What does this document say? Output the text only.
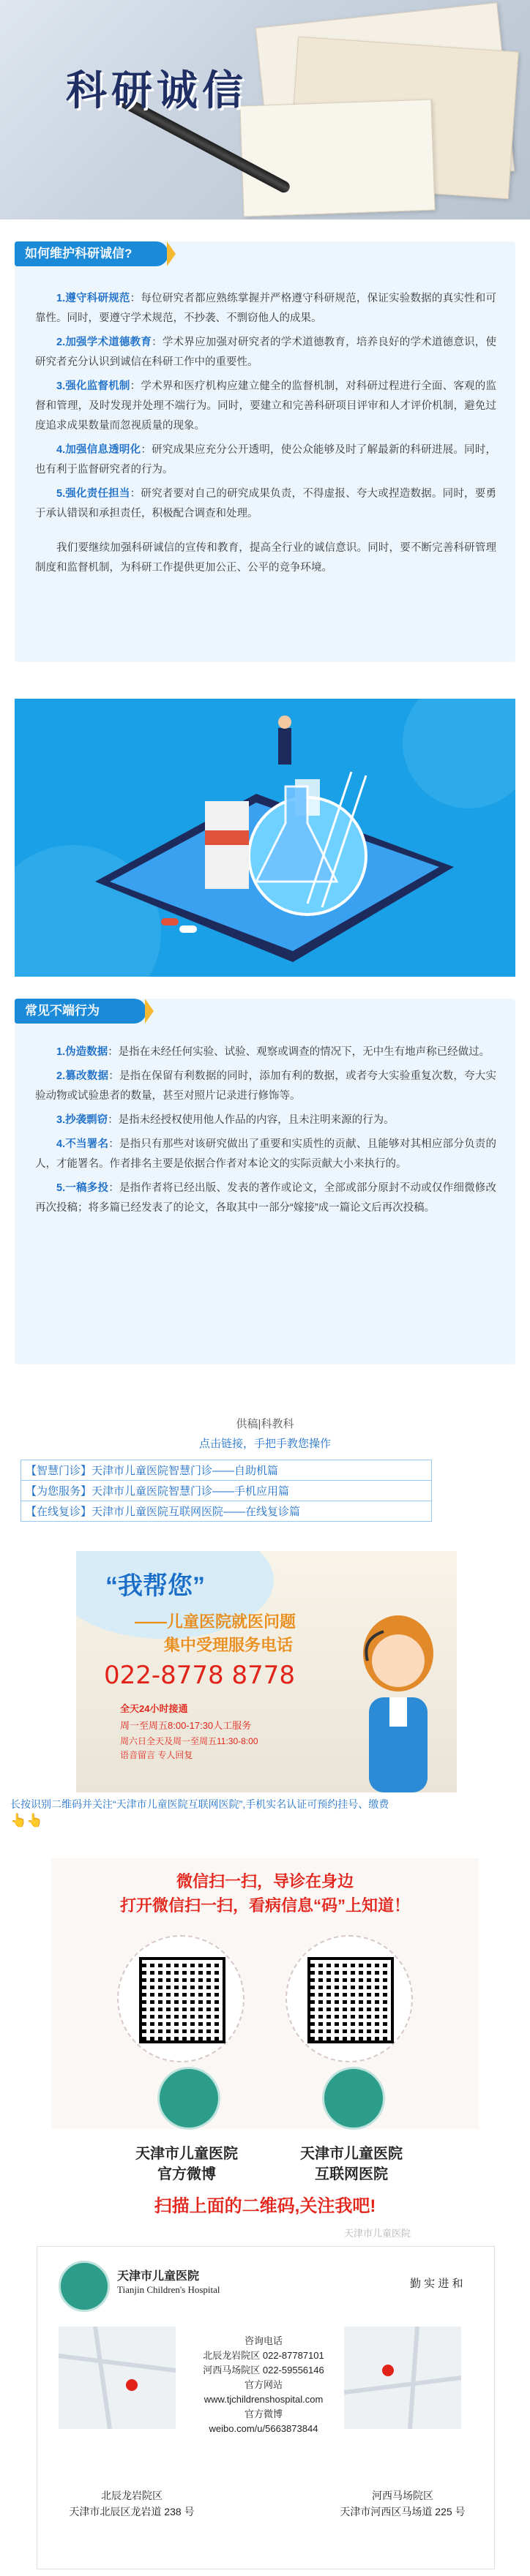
科研诚信
如何维护科研诚信?

1.遵守科研规范：每位研究者都应熟练掌握并严格遵守科研规范，保证实验数据的真实性和可靠性。同时，要遵守学术规范，不抄袭、不剽窃他人的成果。

2.加强学术道德教育：学术界应加强对研究者的学术道德教育，培养良好的学术道德意识，使研究者充分认识到诚信在科研工作中的重要性。

3.强化监督机制：学术界和医疗机构应建立健全的监督机制，对科研过程进行全面、客观的监督和管理，及时发现并处理不端行为。同时，要建立和完善科研项目评审和人才评价机制，避免过度追求成果数量而忽视质量的现象。

4.加强信息透明化：研究成果应充分公开透明，使公众能够及时了解最新的科研进展。同时，也有利于监督研究者的行为。

5.强化责任担当：研究者要对自己的研究成果负责，不得虚报、夸大或捏造数据。同时，要勇于承认错误和承担责任，积极配合调查和处理。

我们要继续加强科研诚信的宣传和教育，提高全行业的诚信意识。同时，要不断完善科研管理制度和监督机制，为科研工作提供更加公正、公平的竞争环境。

常见不端行为

1.伪造数据：是指在未经任何实验、试验、观察或调查的情况下，无中生有地声称已经做过。

2.篡改数据：是指在保留有利数据的同时，添加有利的数据，或者夸大实验重复次数，夸大实验动物或试验患者的数量，甚至对照片记录进行修饰等。

3.抄袭剽窃：是指未经授权使用他人作品的内容，且未注明来源的行为。

4.不当署名：是指只有那些对该研究做出了重要和实质性的贡献、且能够对其相应部分负责的人，才能署名。作者排名主要是依据合作者对本论文的实际贡献大小来执行的。

5.一稿多投：是指作者将已经出版、发表的著作或论文，全部或部分原封不动或仅作细微修改再次投稿；将多篇已经发表了的论文，各取其中一部分“嫁接”成一篇论文后再次投稿。

供稿|科教科
点击链接，手把手教您操作
【智慧门诊】天津市儿童医院智慧门诊——自助机篇
【为您服务】天津市儿童医院智慧门诊——手机应用篇
【在线复诊】天津市儿童医院互联网医院——在线复诊篇
“我帮您”
——儿童医院就医问题
集中受理服务电话
022-8778 8778
全天24小时接通
周一至周五8:00-17:30人工服务
周六日全天及周一至周五11:30-8:00
语音留言 专人回复
长按识别二维码并关注“天津市儿童医院互联网医院”,手机实名认证可预约挂号、缴费
👆👆
微信扫一扫，导诊在身边
打开微信扫一扫，看病信息“码”上知道！
天津市儿童医院
官方微博
天津市儿童医院
互联网医院
扫描上面的二维码,关注我吧!
天津市儿童医院
天津市儿童医院
Tianjin Children's Hospital	勤 实 进 和
咨询电话
北辰龙岩院区 022-87787101
河西马场院区 022-59556146
官方网站
www.tjchildrenshospital.com
官方微博
weibo.com/u/5663873844
北辰龙岩院区
天津市北辰区龙岩道 238 号
河西马场院区
天津市河西区马场道 225 号
